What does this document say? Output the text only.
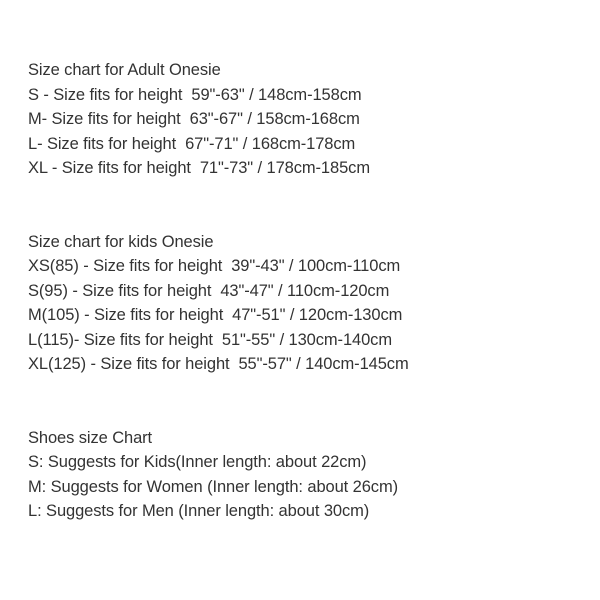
Size chart for Adult Onesie
S - Size fits for height  59"-63" / 148cm-158cm
M- Size fits for height  63"-67" / 158cm-168cm
L- Size fits for height  67"-71" / 168cm-178cm
XL - Size fits for height  71"-73" / 178cm-185cm
Size chart for kids Onesie
XS(85) - Size fits for height  39"-43" / 100cm-110cm
S(95) - Size fits for height  43"-47" / 110cm-120cm
M(105) - Size fits for height  47"-51" / 120cm-130cm
L(115)- Size fits for height  51"-55" / 130cm-140cm
XL(125) - Size fits for height  55"-57" / 140cm-145cm
Shoes size Chart
S: Suggests for Kids(Inner length: about 22cm)
M: Suggests for Women (Inner length: about 26cm)
L: Suggests for Men (Inner length: about 30cm)
